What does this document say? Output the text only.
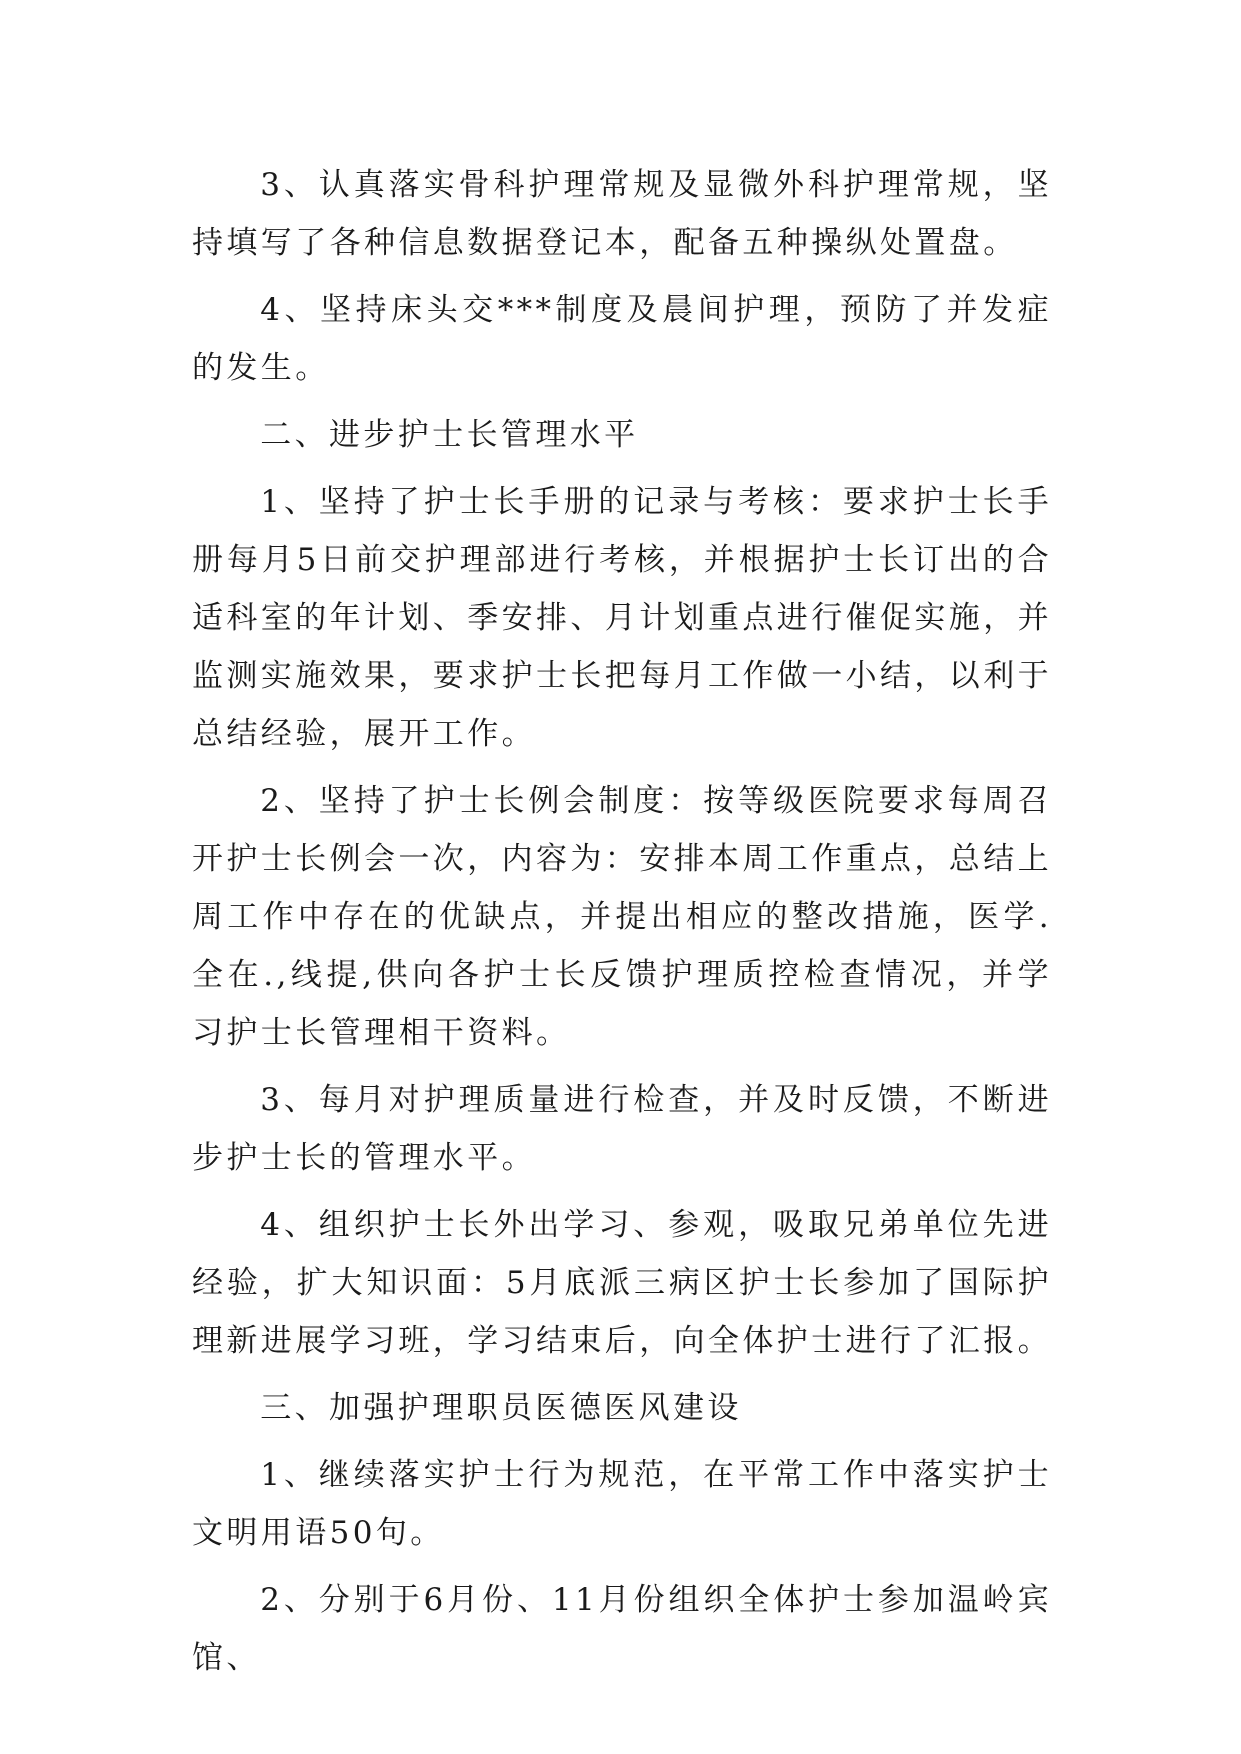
3、认真落实骨科护理常规及显微外科护理常规，坚持填写了各种信息数据登记本，配备五种操纵处置盘。

4、坚持床头交***制度及晨间护理，预防了并发症的发生。

二、进步护士长管理水平

1、坚持了护士长手册的记录与考核：要求护士长手册每月5日前交护理部进行考核，并根据护士长订出的合适科室的年计划、季安排、月计划重点进行催促实施，并监测实施效果，要求护士长把每月工作做一小结，以利于总结经验，展开工作。

2、坚持了护士长例会制度：按等级医院要求每周召开护士长例会一次，内容为：安排本周工作重点，总结上周工作中存在的优缺点，并提出相应的整改措施，医学.全在.,线提,供向各护士长反馈护理质控检查情况，并学习护士长管理相干资料。

3、每月对护理质量进行检查，并及时反馈，不断进步护士长的管理水平。

4、组织护士长外出学习、参观，吸取兄弟单位先进经验，扩大知识面：5月底派三病区护士长参加了国际护理新进展学习班，学习结束后，向全体护士进行了汇报。

三、加强护理职员医德医风建设

1、继续落实护士行为规范，在平常工作中落实护士文明用语50句。

2、分别于6月份、11月份组织全体护士参加温岭宾馆、
